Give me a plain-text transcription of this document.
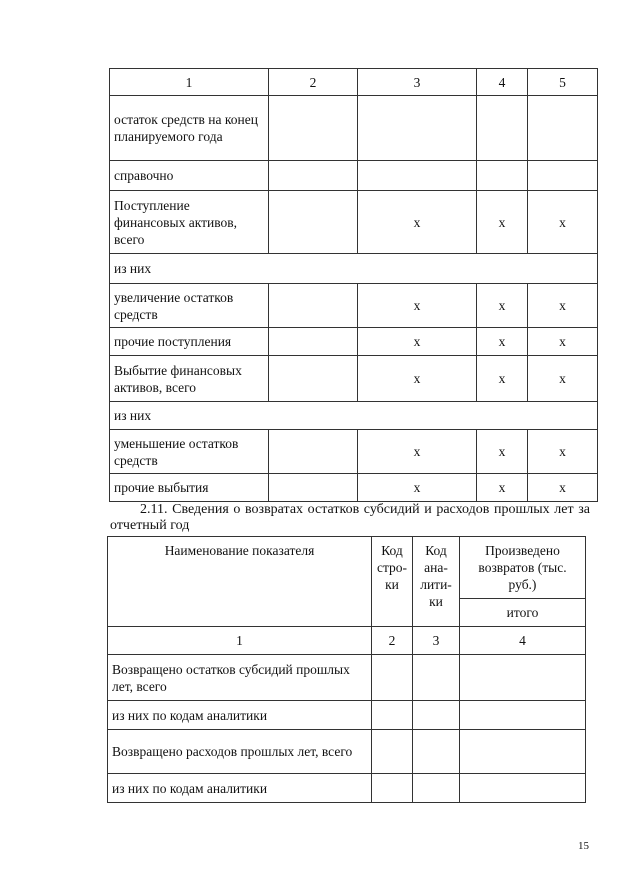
1	2	3	4	5
остаток средств на конец планируемого года				
справочно				
Поступление финансовых активов, всего		x	x	x
из них				
увеличение остатков средств		x	x	x
прочие поступления		x	x	x
Выбытие финансовых активов, всего		x	x	x
из них				
уменьшение остатков средств		x	x	x
прочие выбытия		x	x	x
2.11. Сведения о возвратах остатков субсидий и расходов прошлых лет за отчетный год
Наименование показателя	Код стро-ки	Код ана-лити-ки	Произведено возвратов (тыс. руб.)
			итого
1	2	3	4
Возвращено остатков субсидий прошлых лет, всего			
из них по кодам аналитики			
Возвращено расходов прошлых лет, всего			
из них по кодам аналитики			
15
